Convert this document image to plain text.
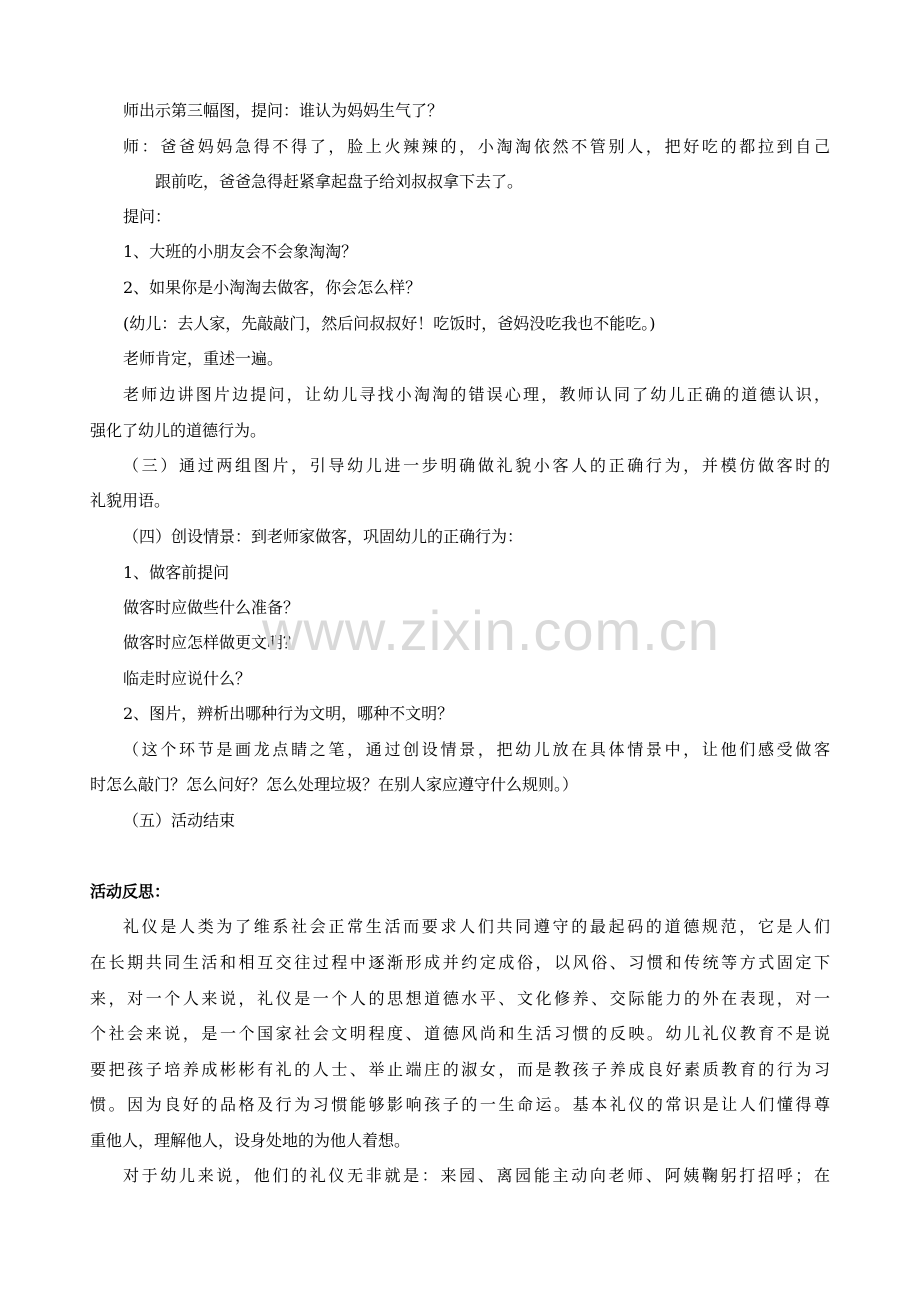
师出示第三幅图，提问：谁认为妈妈生气了？
师：爸爸妈妈急得不得了，脸上火辣辣的，小淘淘依然不管别人，把好吃的都拉到自己
跟前吃，爸爸急得赶紧拿起盘子给刘叔叔拿下去了。
提问：
1、大班的小朋友会不会象淘淘？
2、如果你是小淘淘去做客，你会怎么样？
(幼儿：去人家，先敲敲门，然后问叔叔好！吃饭时，爸妈没吃我也不能吃。)
老师肯定，重述一遍。
老师边讲图片边提问，让幼儿寻找小淘淘的错误心理，教师认同了幼儿正确的道德认识，
强化了幼儿的道德行为。
（三）通过两组图片，引导幼儿进一步明确做礼貌小客人的正确行为，并模仿做客时的
礼貌用语。
（四）创设情景：到老师家做客，巩固幼儿的正确行为：
1、做客前提问
做客时应做些什么准备？
做客时应怎样做更文明？
临走时应说什么？
2、图片，辨析出哪种行为文明，哪种不文明？
（这个环节是画龙点睛之笔，通过创设情景，把幼儿放在具体情景中，让他们感受做客
时怎么敲门？怎么问好？怎么处理垃圾？在别人家应遵守什么规则。）
（五）活动结束
活动反思：
礼仪是人类为了维系社会正常生活而要求人们共同遵守的最起码的道德规范，它是人们
在长期共同生活和相互交往过程中逐渐形成并约定成俗，以风俗、习惯和传统等方式固定下
来，对一个人来说，礼仪是一个人的思想道德水平、文化修养、交际能力的外在表现，对一
个社会来说，是一个国家社会文明程度、道德风尚和生活习惯的反映。幼儿礼仪教育不是说
要把孩子培养成彬彬有礼的人士、举止端庄的淑女，而是教孩子养成良好素质教育的行为习
惯。因为良好的品格及行为习惯能够影响孩子的一生命运。基本礼仪的常识是让人们懂得尊
重他人，理解他人，设身处地的为他人着想。
对于幼儿来说，他们的礼仪无非就是：来园、离园能主动向老师、阿姨鞠躬打招呼；在
www.zixin.com.cn
